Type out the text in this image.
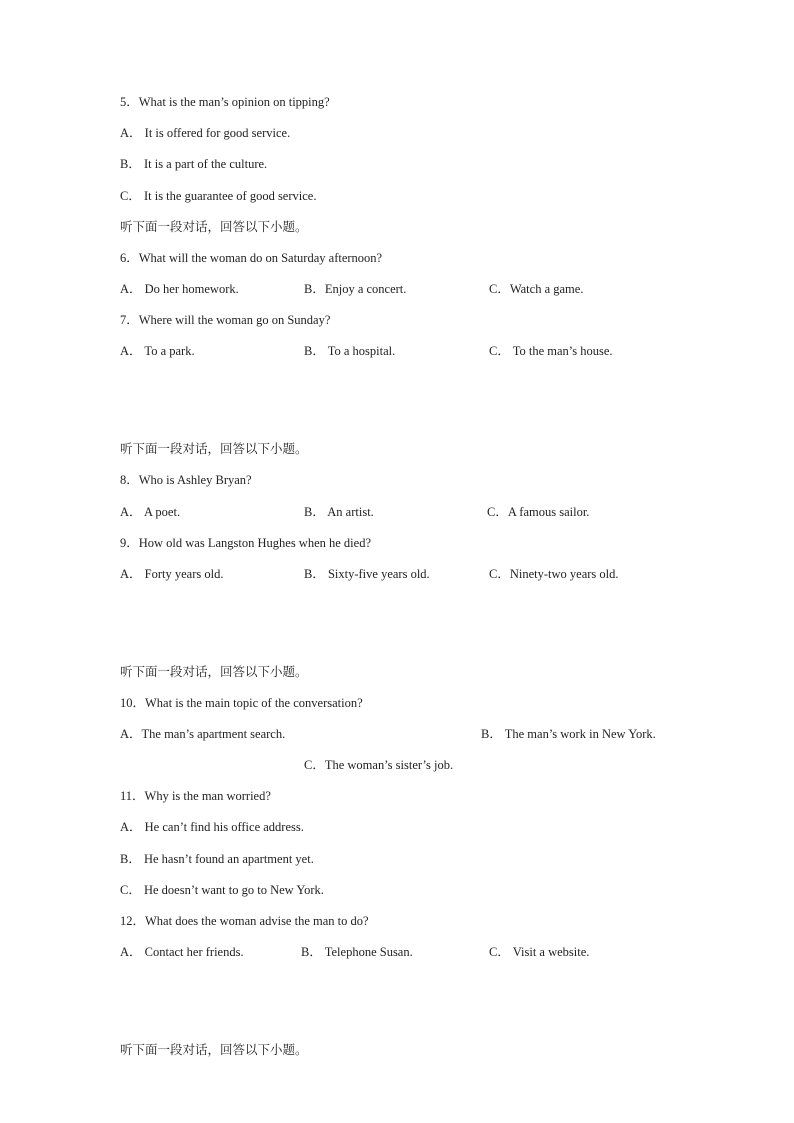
5．What is the man’s opinion on tipping?
A． It is offered for good service.
B． It is a part of the culture.
C． It is the guarantee of good service.
听下面一段对话，回答以下小题。
6．What will the woman do on Saturday afternoon?
A． Do her homework.	B．Enjoy a concert.	C．Watch a game.
7．Where will the woman go on Sunday?
A． To a park.	B． To a hospital.	C． To the man’s house.
听下面一段对话，回答以下小题。
8．Who is Ashley Bryan?
A． A poet.	B． An artist.	C．A famous sailor.
9．How old was Langston Hughes when he died?
A． Forty years old.	B． Sixty-five years old.	C．Ninety-two years old.
听下面一段对话，回答以下小题。
10．What is the main topic of the conversation?
A．The man’s apartment search.	B． The man’s work in New York.
C．The woman’s sister’s job.
11．Why is the man worried?
A． He can’t find his office address.
B． He hasn’t found an apartment yet.
C． He doesn’t want to go to New York.
12．What does the woman advise the man to do?
A． Contact her friends.	B． Telephone Susan.	C． Visit a website.
听下面一段对话，回答以下小题。
